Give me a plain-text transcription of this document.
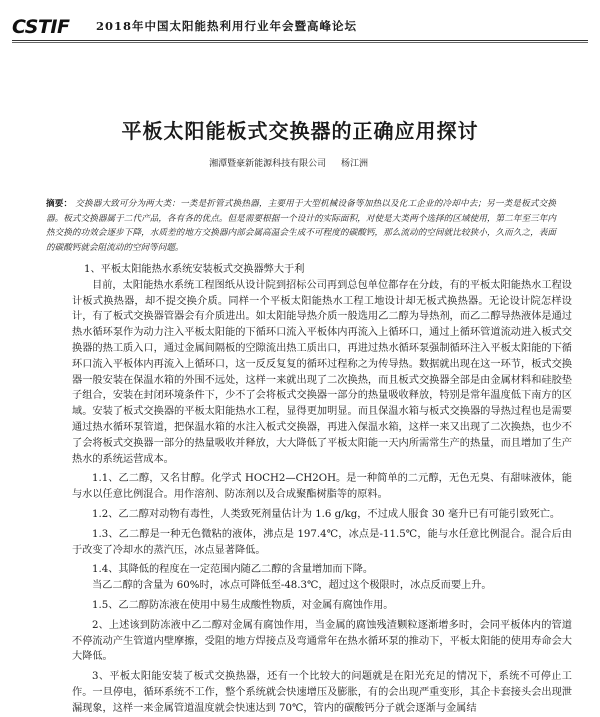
CSTIF 2018年中国太阳能热利用行业年会暨高峰论坛
平板太阳能板式交换器的正确应用探讨
湘潭暨豪新能源科技有限公司 杨江洲
摘要： 交换器大致可分为两大类：一类是折管式换热器，主要用于大型机械设备等加热以及化工企业的冷却中去；另一类是板式交换器。板式交换器属于二代产品，各有各的优点。但是需要根据一个设计的实际面积，对使是大类两个选择的区域使用，第二年至三年内热交换的功效会逐步下降，水质差的地方交换器内部会属高温会生成不可程度的碳酸钙，那么流动的空间就比较狭小，久而久之，表面的碳酸钙就会阻流动的空间等问题。

1、平板太阳能热水系统安装板式交换器弊大于利

目前，太阳能热水系统工程图纸从设计院到招标公司再到总包单位都存在分歧，有的平板太阳能热水工程设计板式换热器，却不提交换介质。同样一个平板太阳能热水工程工地设计却无板式换热器。无论设计院怎样设计，有了板式交换器管器会有介质进出。如太阳能导热介质一般选用乙二醇为导热剂，而乙二醇导热液体是通过热水循环泵作为动力注入平板太阳能的下循环口流入平板体内再流入上循环口，通过上循环管道流动进入板式交换器的热工质入口，通过金属间隔板的空隙流出热工质出口，再进过热水循环泵强制循环注入平板太阳能的下循环口流入平板体内再流入上循环口，这一反反复复的循环过程称之为传导热。数据就出现在这一环节，板式交换器一般安装在保温水箱的外围不远处，这样一来就出现了二次换热，而且板式交换器全部是由金属材料和硅胶垫子组合，安装在封闭环境条件下，少不了会将板式交换器一部分的热量吸收释放，特别是常年温度低下南方的区域。安装了板式交换器的平板太阳能热水工程，显得更加明显。而且保温水箱与板式交换器的导热过程也是需要通过热水循环泵管道，把保温水箱的水注入板式交换器，再进入保温水箱，这样一来又出现了二次换热，也少不了会将板式交换器一部分的热量吸收并释放，大大降低了平板太阳能一天内所需常生产的热量，而且增加了生产热水的系统运营成本。

1.1、乙二醇，又名甘醇。化学式 HOCH2—CH2OH。是一种简单的二元醇，无色无臭、有甜味液体，能与水以任意比例混合。用作溶剂、防冻剂以及合成聚酯树脂等的原料。

1.2、乙二醇对动物有毒性，人类致死剂量估计为 1.6 g/kg，不过成人服食 30 毫升已有可能引致死亡。

1.3、乙二醇是一种无色微粘的液体，沸点是 197.4℃，冰点是-11.5℃，能与水任意比例混合。混合后由于改变了冷却水的蒸汽压，冰点显著降低。

1.4、其降低的程度在一定范围内随乙二醇的含量增加而下降。

当乙二醇的含量为 60%时，冰点可降低至-48.3℃，超过这个极限时，冰点反而要上升。

1.5、乙二醇防冻液在使用中易生成酸性物质，对金属有腐蚀作用。

2、上述该到防冻液中乙二醇对金属有腐蚀作用，当金属的腐蚀残渣颗粒逐渐增多时，会同平板体内的管道不停流动产生管道内壁摩擦，受阻的地方焊接点及弯通常年在热水循环泵的推动下，平板太阳能的使用寿命会大大降低。

3、平板太阳能安装了板式交换热器，还有一个比较大的问题就是在阳光充足的情况下，系统不可停止工作。一旦停电，循环系统不工作，整个系统就会快速增压及膨胀，有的会出现严重变形，其企卡套接头会出现泄漏现象，这样一来金属管道温度就会快速达到 70℃，管内的碳酸钙分子就会逐渐与金属结
